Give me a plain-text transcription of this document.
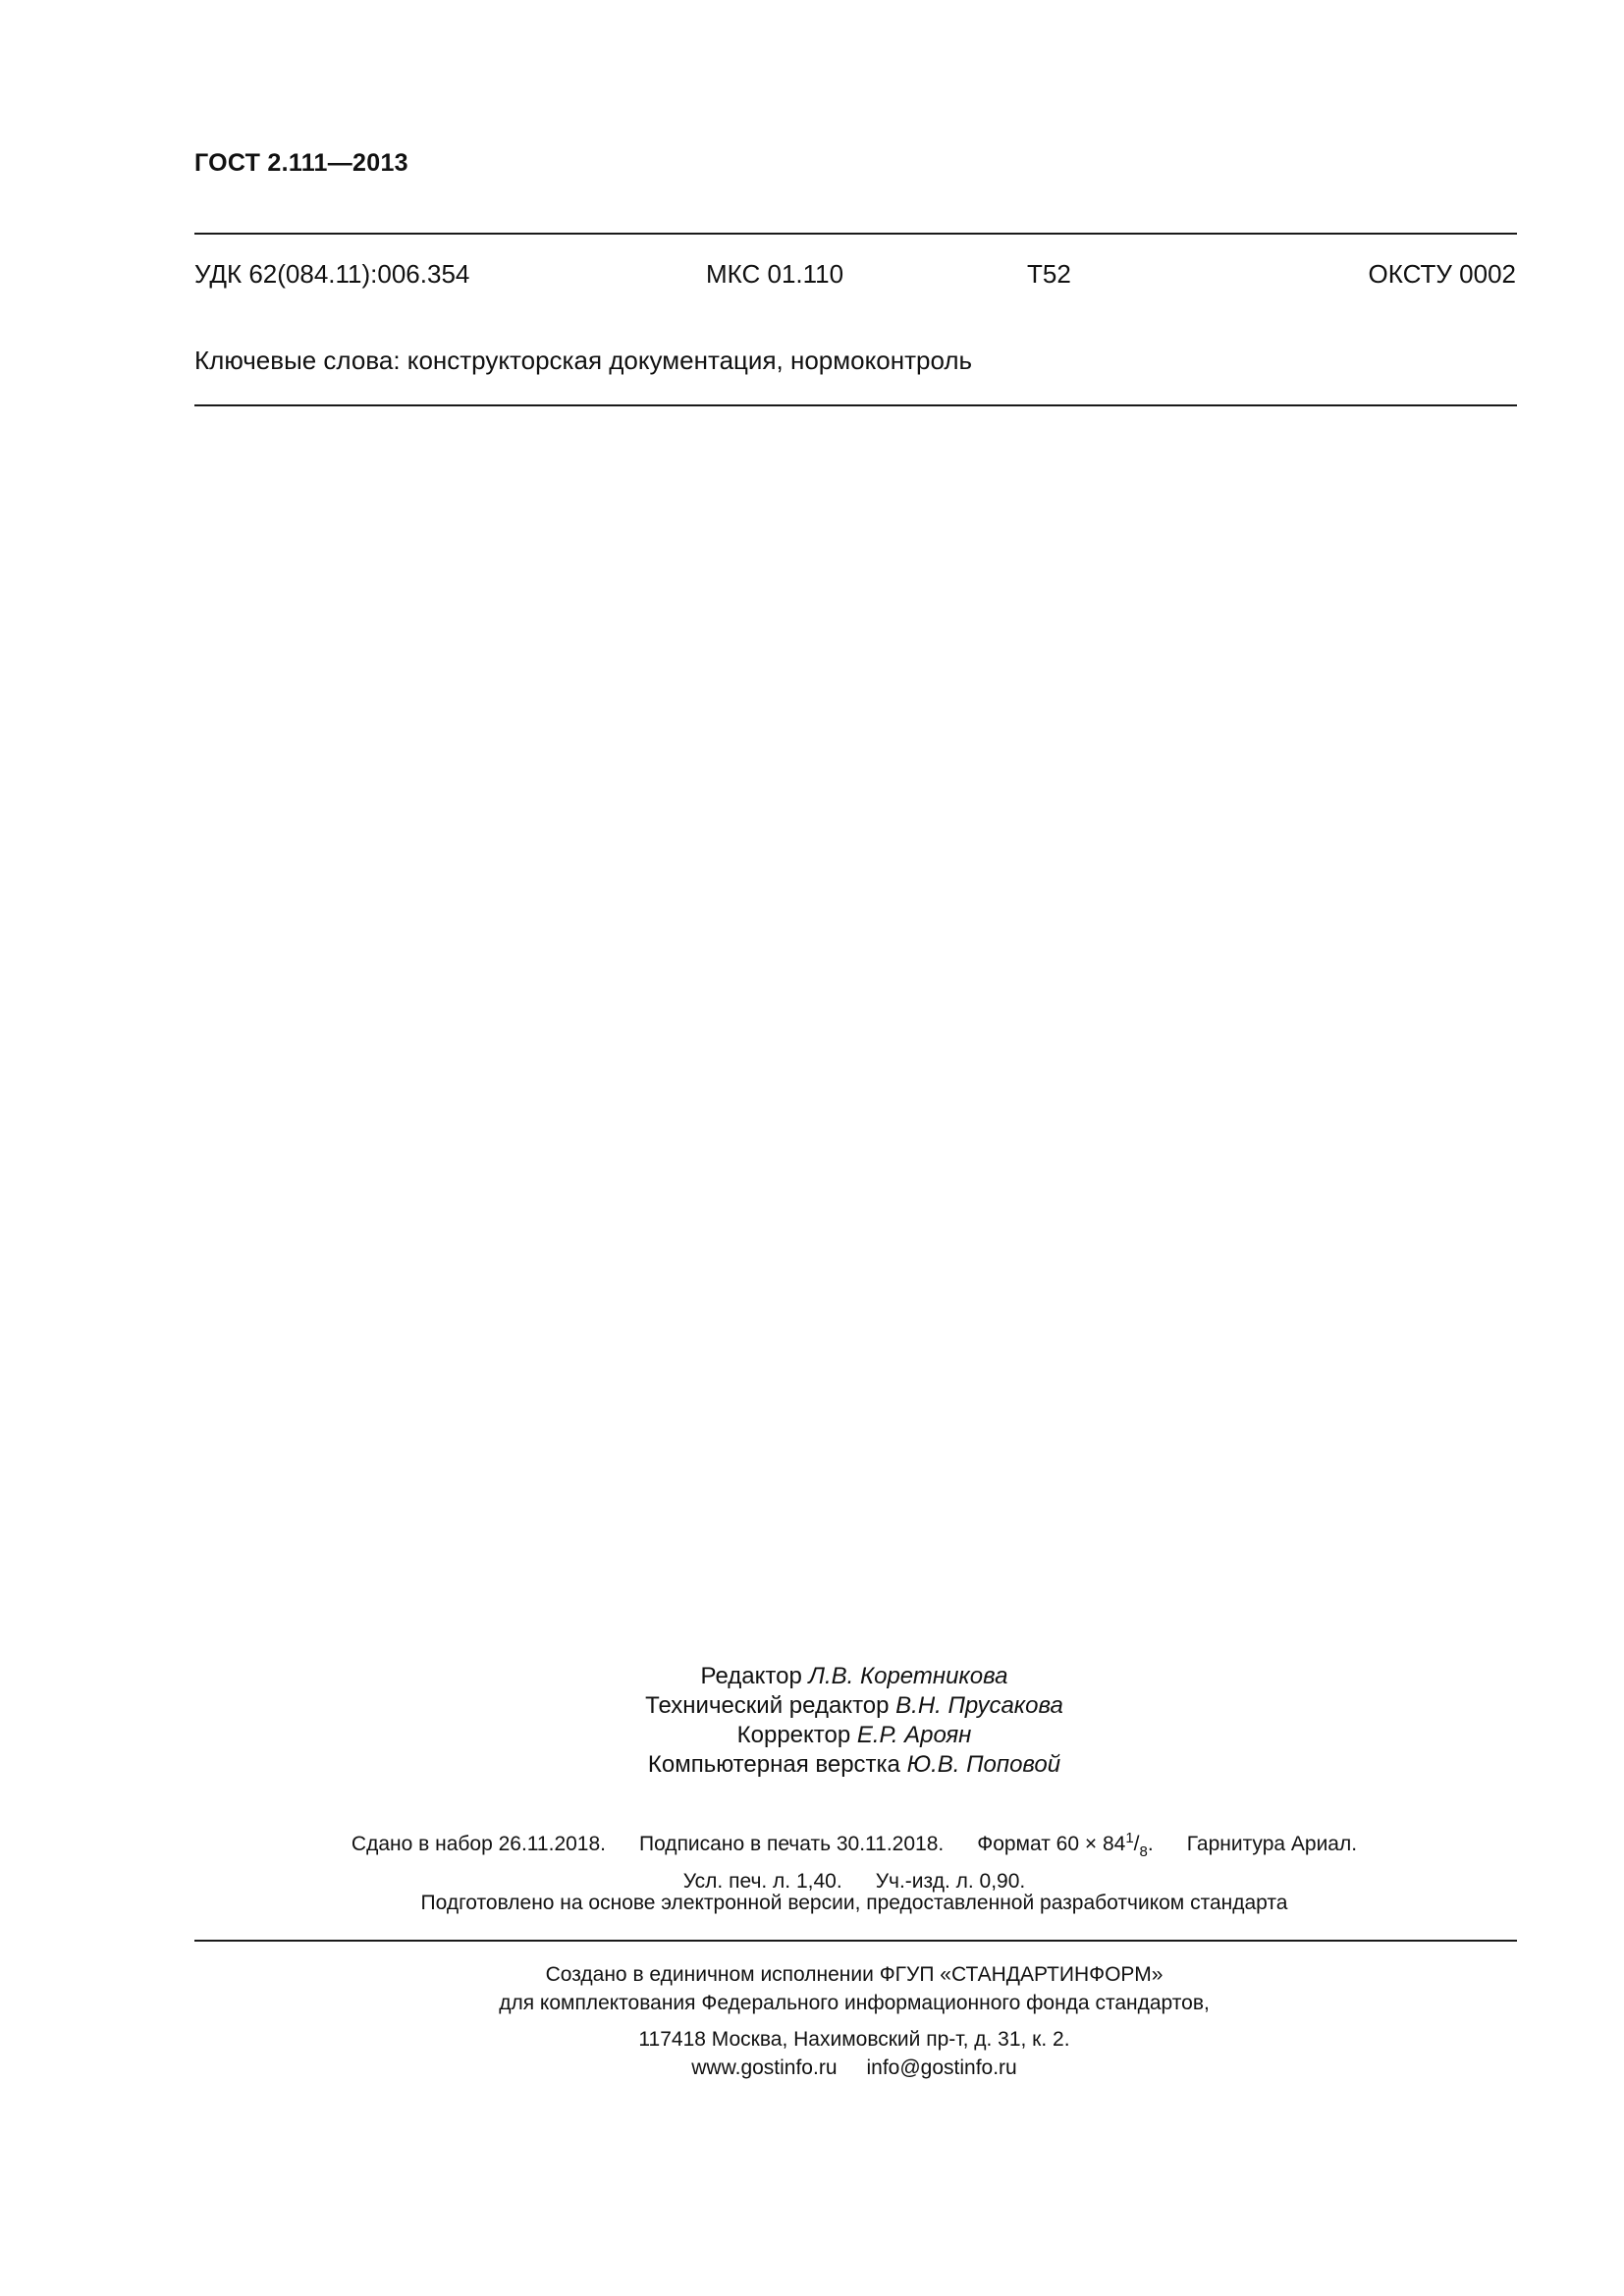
ГОСТ 2.111—2013
УДК 62(084.11):006.354	МКС 01.110	Т52	ОКСТУ 0002
Ключевые слова: конструкторская документация, нормоконтроль
Редактор Л.В. Коретникова
Технический редактор В.Н. Прусакова
Корректор Е.Р. Ароян
Компьютерная верстка Ю.В. Поповой
Сдано в набор 26.11.2018. Подписано в печать 30.11.2018. Формат $60 \times 84^1/_8$. Гарнитура Ариал.
Усл. печ. л. 1,40. Уч.-изд. л. 0,90.
Подготовлено на основе электронной версии, предоставленной разработчиком стандарта
Создано в единичном исполнении ФГУП «СТАНДАРТИНФОРМ»
для комплектования Федерального информационного фонда стандартов,
117418 Москва, Нахимовский пр-т, д. 31, к. 2.
www.gostinfo.ru info@gostinfo.ru
